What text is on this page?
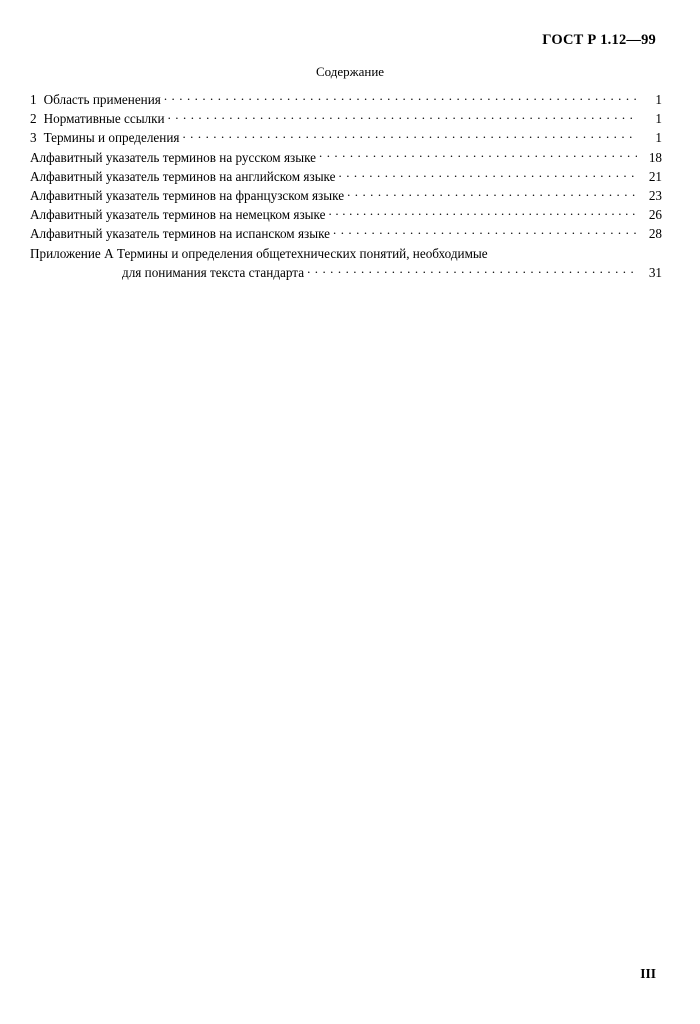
ГОСТ Р 1.12—99
Содержание
1 Область применения . . .	1
2 Нормативные ссылки . . .	1
3 Термины и определения . . .	1
Алфавитный указатель терминов на русском языке . . .	18
Алфавитный указатель терминов на английском языке . . .	21
Алфавитный указатель терминов на французском языке . . .	23
Алфавитный указатель терминов на немецком языке . . .	26
Алфавитный указатель терминов на испанском языке . . .	28
Приложение А Термины и определения общетехнических понятий, необходимые
для понимания текста стандарта . . .	31
III
